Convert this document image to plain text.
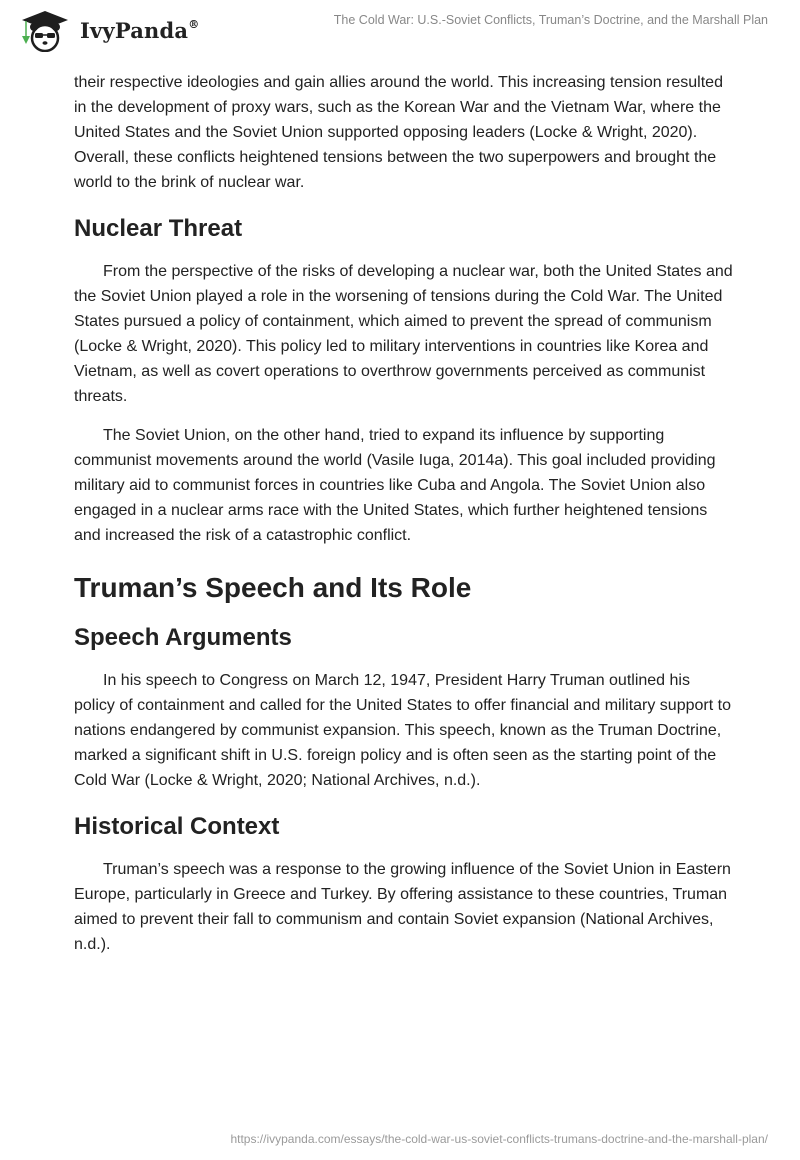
IvyPanda®	The Cold War: U.S.-Soviet Conflicts, Truman’s Doctrine, and the Marshall Plan

their respective ideologies and gain allies around the world. This increasing tension resulted in the development of proxy wars, such as the Korean War and the Vietnam War, where the United States and the Soviet Union supported opposing leaders (Locke & Wright, 2020). Overall, these conflicts heightened tensions between the two superpowers and brought the world to the brink of nuclear war.

Nuclear Threat

From the perspective of the risks of developing a nuclear war, both the United States and the Soviet Union played a role in the worsening of tensions during the Cold War. The United States pursued a policy of containment, which aimed to prevent the spread of communism (Locke & Wright, 2020). This policy led to military interventions in countries like Korea and Vietnam, as well as covert operations to overthrow governments perceived as communist threats.

The Soviet Union, on the other hand, tried to expand its influence by supporting communist movements around the world (Vasile Iuga, 2014a). This goal included providing military aid to communist forces in countries like Cuba and Angola. The Soviet Union also engaged in a nuclear arms race with the United States, which further heightened tensions and increased the risk of a catastrophic conflict.

Truman’s Speech and Its Role
Speech Arguments

In his speech to Congress on March 12, 1947, President Harry Truman outlined his policy of containment and called for the United States to offer financial and military support to nations endangered by communist expansion. This speech, known as the Truman Doctrine, marked a significant shift in U.S. foreign policy and is often seen as the starting point of the Cold War (Locke & Wright, 2020; National Archives, n.d.).

Historical Context

Truman’s speech was a response to the growing influence of the Soviet Union in Eastern Europe, particularly in Greece and Turkey. By offering assistance to these countries, Truman aimed to prevent their fall to communism and contain Soviet expansion (National Archives, n.d.).

https://ivypanda.com/essays/the-cold-war-us-soviet-conflicts-trumans-doctrine-and-the-marshall-plan/
